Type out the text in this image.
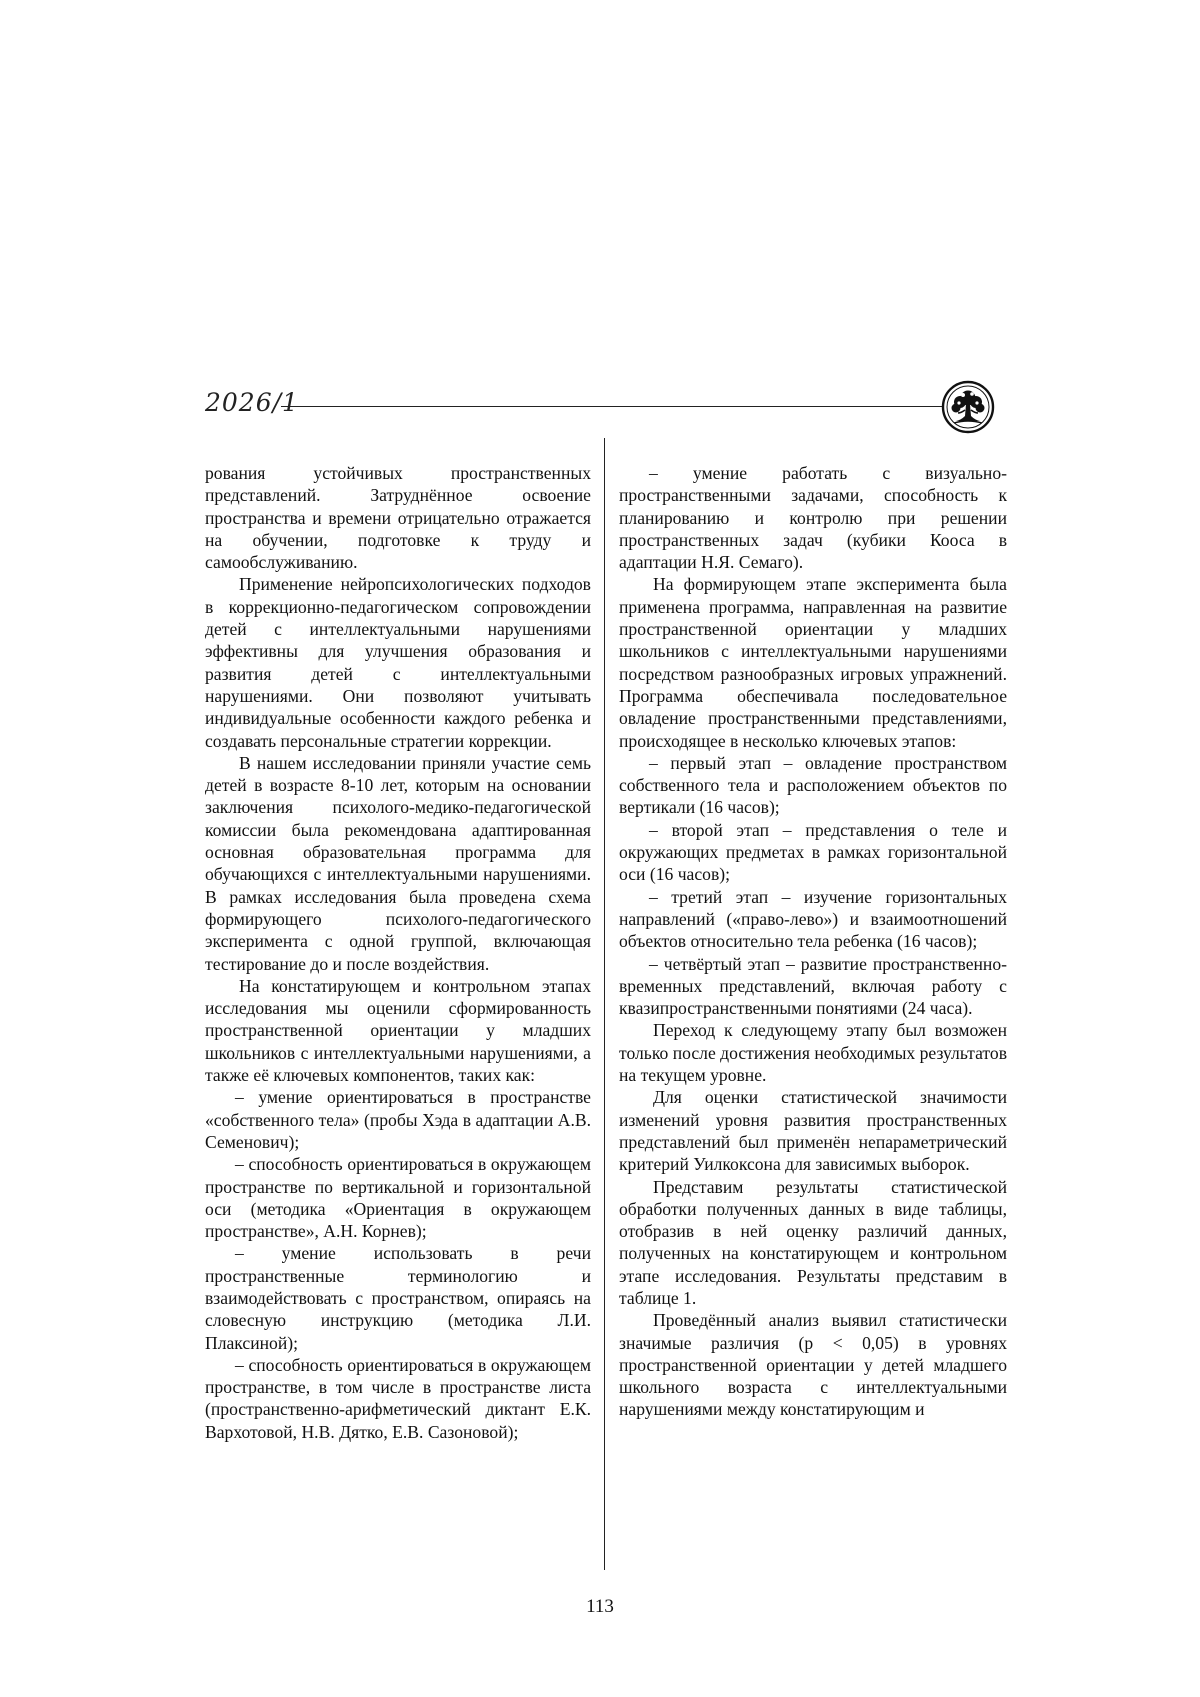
2026/1

рования устойчивых пространственных представлений. Затруднённое освоение пространства и времени отрицательно отражается на обучении, подготовке к труду и самообслуживанию.

Применение нейропсихологических подходов в коррекционно-педагогическом сопровождении детей с интеллектуальными нарушениями эффективны для улучшения образования и развития детей с интеллектуальными нарушениями. Они позволяют учитывать индивидуальные особенности каждого ребенка и создавать персональные стратегии коррекции.

В нашем исследовании приняли участие семь детей в возрасте 8-10 лет, которым на основании заключения психолого-медико-педагогической комиссии была рекомендована адаптированная основная образовательная программа для обучающихся с интеллектуальными нарушениями. В рамках исследования была проведена схема формирующего психолого-педагогического эксперимента с одной группой, включающая тестирование до и после воздействия.

На констатирующем и контрольном этапах исследования мы оценили сформированность пространственной ориентации у младших школьников с интеллектуальными нарушениями, а также её ключевых компонентов, таких как:

– умение ориентироваться в пространстве «собственного тела» (пробы Хэда в адаптации А.В. Семенович);

– способность ориентироваться в окружающем пространстве по вертикальной и горизонтальной оси (методика «Ориентация в окружающем пространстве», А.Н. Корнев);

– умение использовать в речи пространственные терминологию и взаимодействовать с пространством, опираясь на словесную инструкцию (методика Л.И. Плаксиной);

– способность ориентироваться в окружающем пространстве, в том числе в пространстве листа (пространственно-арифметический диктант Е.К. Вархотовой, Н.В. Дятко, Е.В. Сазоновой);

– умение работать с визуально-пространственными задачами, способность к планированию и контролю при решении пространственных задач (кубики Кооса в адаптации Н.Я. Семаго).

На формирующем этапе эксперимента была применена программа, направленная на развитие пространственной ориентации у младших школьников с интеллектуальными нарушениями посредством разнообразных игровых упражнений. Программа обеспечивала последовательное овладение пространственными представлениями, происходящее в несколько ключевых этапов:

– первый этап – овладение пространством собственного тела и расположением объектов по вертикали (16 часов);

– второй этап – представления о теле и окружающих предметах в рамках горизонтальной оси (16 часов);

– третий этап – изучение горизонтальных направлений («право-лево») и взаимоотношений объектов относительно тела ребенка (16 часов);

– четвёртый этап – развитие пространственно-временных представлений, включая работу с квазипространственными понятиями (24 часа).

Переход к следующему этапу был возможен только после достижения необходимых результатов на текущем уровне.

Для оценки статистической значимости изменений уровня развития пространственных представлений был применён непараметрический критерий Уилкоксона для зависимых выборок.

Представим результаты статистической обработки полученных данных в виде таблицы, отобразив в ней оценку различий данных, полученных на констатирующем и контрольном этапе исследования. Результаты представим в таблице 1.

Проведённый анализ выявил статистически значимые различия (р < 0,05) в уровнях пространственной ориентации у детей младшего школьного возраста с интеллектуальными нарушениями между констатирующим и

113
